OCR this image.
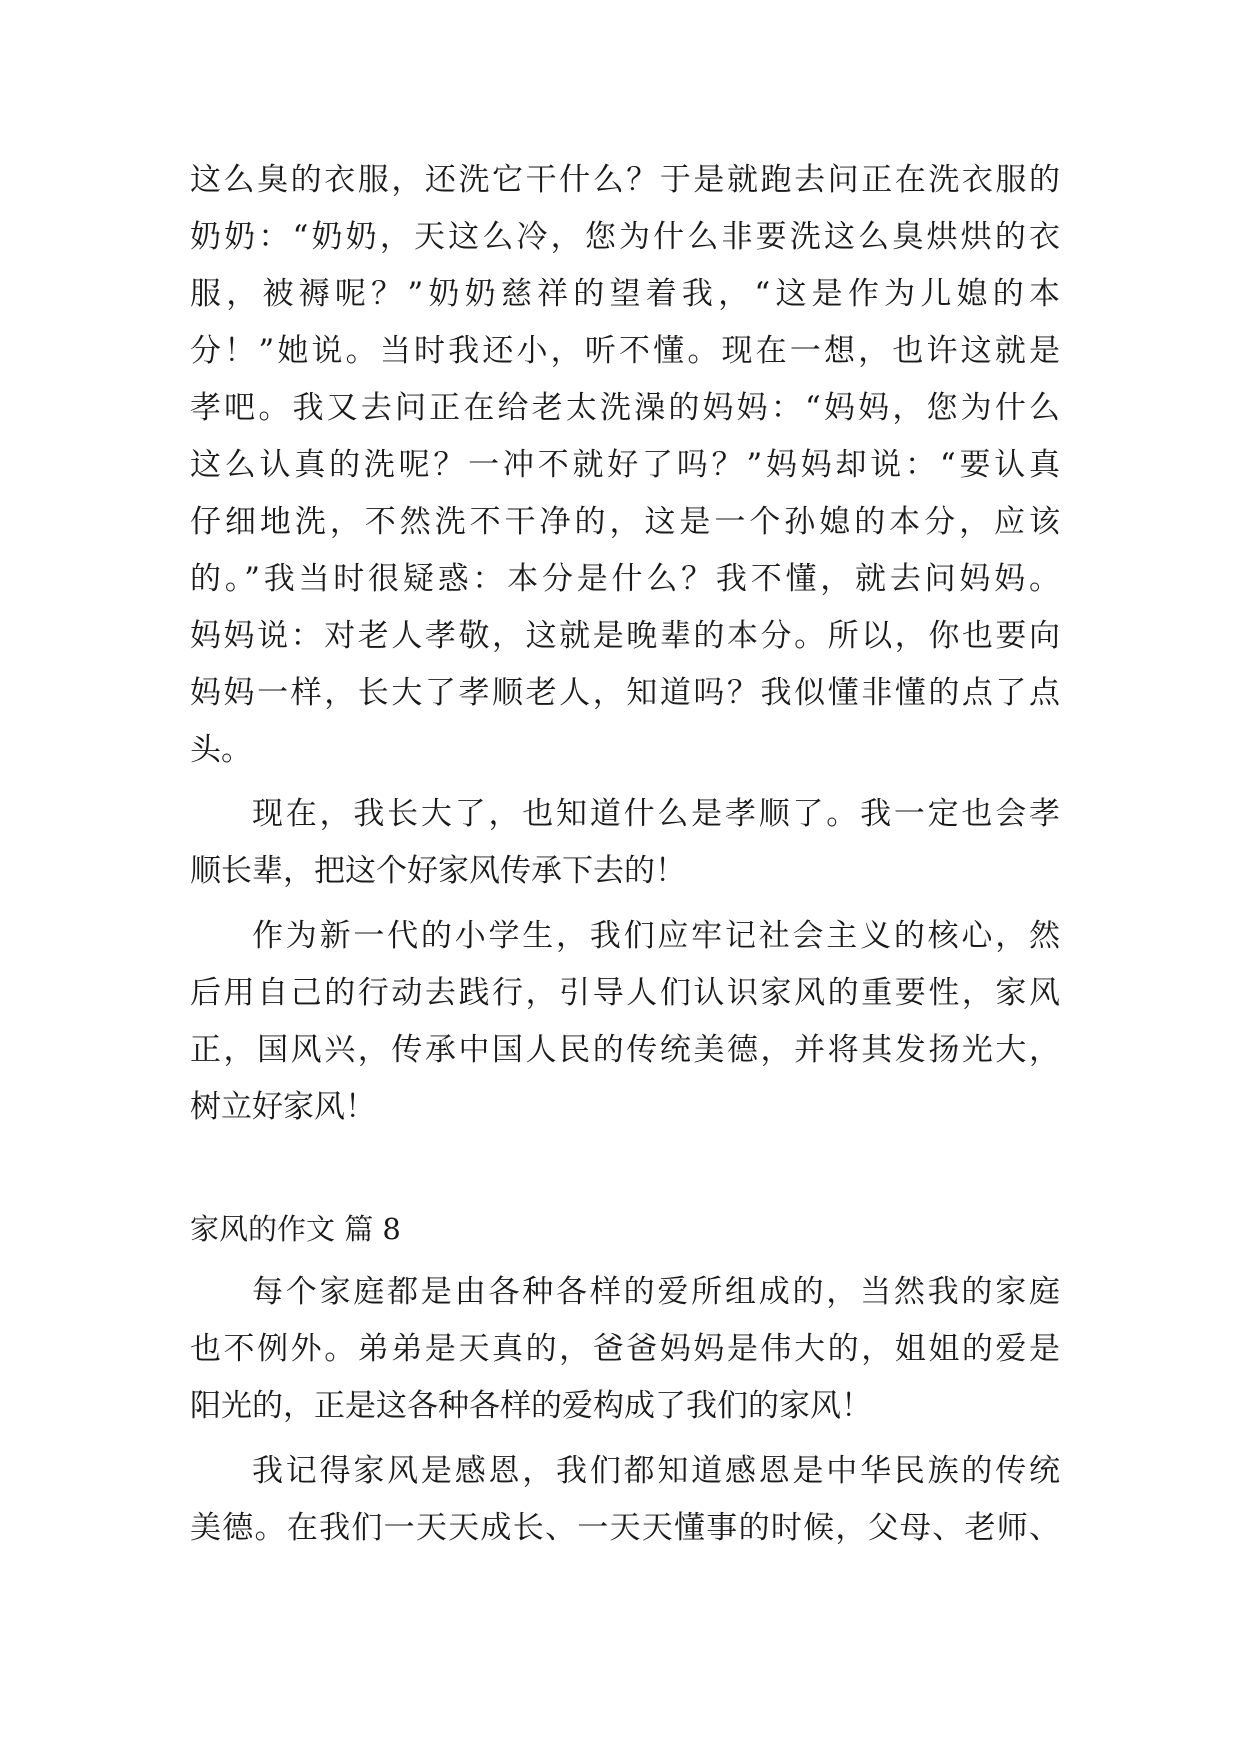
这么臭的衣服，还洗它干什么？于是就跑去问正在洗衣服的
奶奶：“奶奶，天这么冷，您为什么非要洗这么臭烘烘的衣
服，被褥呢？”奶奶慈祥的望着我，“这是作为儿媳的本
分！”她说。当时我还小，听不懂。现在一想，也许这就是
孝吧。我又去问正在给老太洗澡的妈妈：“妈妈，您为什么
这么认真的洗呢？一冲不就好了吗？”妈妈却说：“要认真
仔细地洗，不然洗不干净的，这是一个孙媳的本分，应该
的。”我当时很疑惑：本分是什么？我不懂，就去问妈妈。
妈妈说：对老人孝敬，这就是晚辈的本分。所以，你也要向
妈妈一样，长大了孝顺老人，知道吗？我似懂非懂的点了点
头。
现在，我长大了，也知道什么是孝顺了。我一定也会孝
顺长辈，把这个好家风传承下去的！
作为新一代的小学生，我们应牢记社会主义的核心，然
后用自己的行动去践行，引导人们认识家风的重要性，家风
正，国风兴，传承中国人民的传统美德，并将其发扬光大，
树立好家风！
家风的作文 篇 8
每个家庭都是由各种各样的爱所组成的，当然我的家庭
也不例外。弟弟是天真的，爸爸妈妈是伟大的，姐姐的爱是
阳光的，正是这各种各样的爱构成了我们的家风！
我记得家风是感恩，我们都知道感恩是中华民族的传统
美德。在我们一天天成长、一天天懂事的时候，父母、老师、
